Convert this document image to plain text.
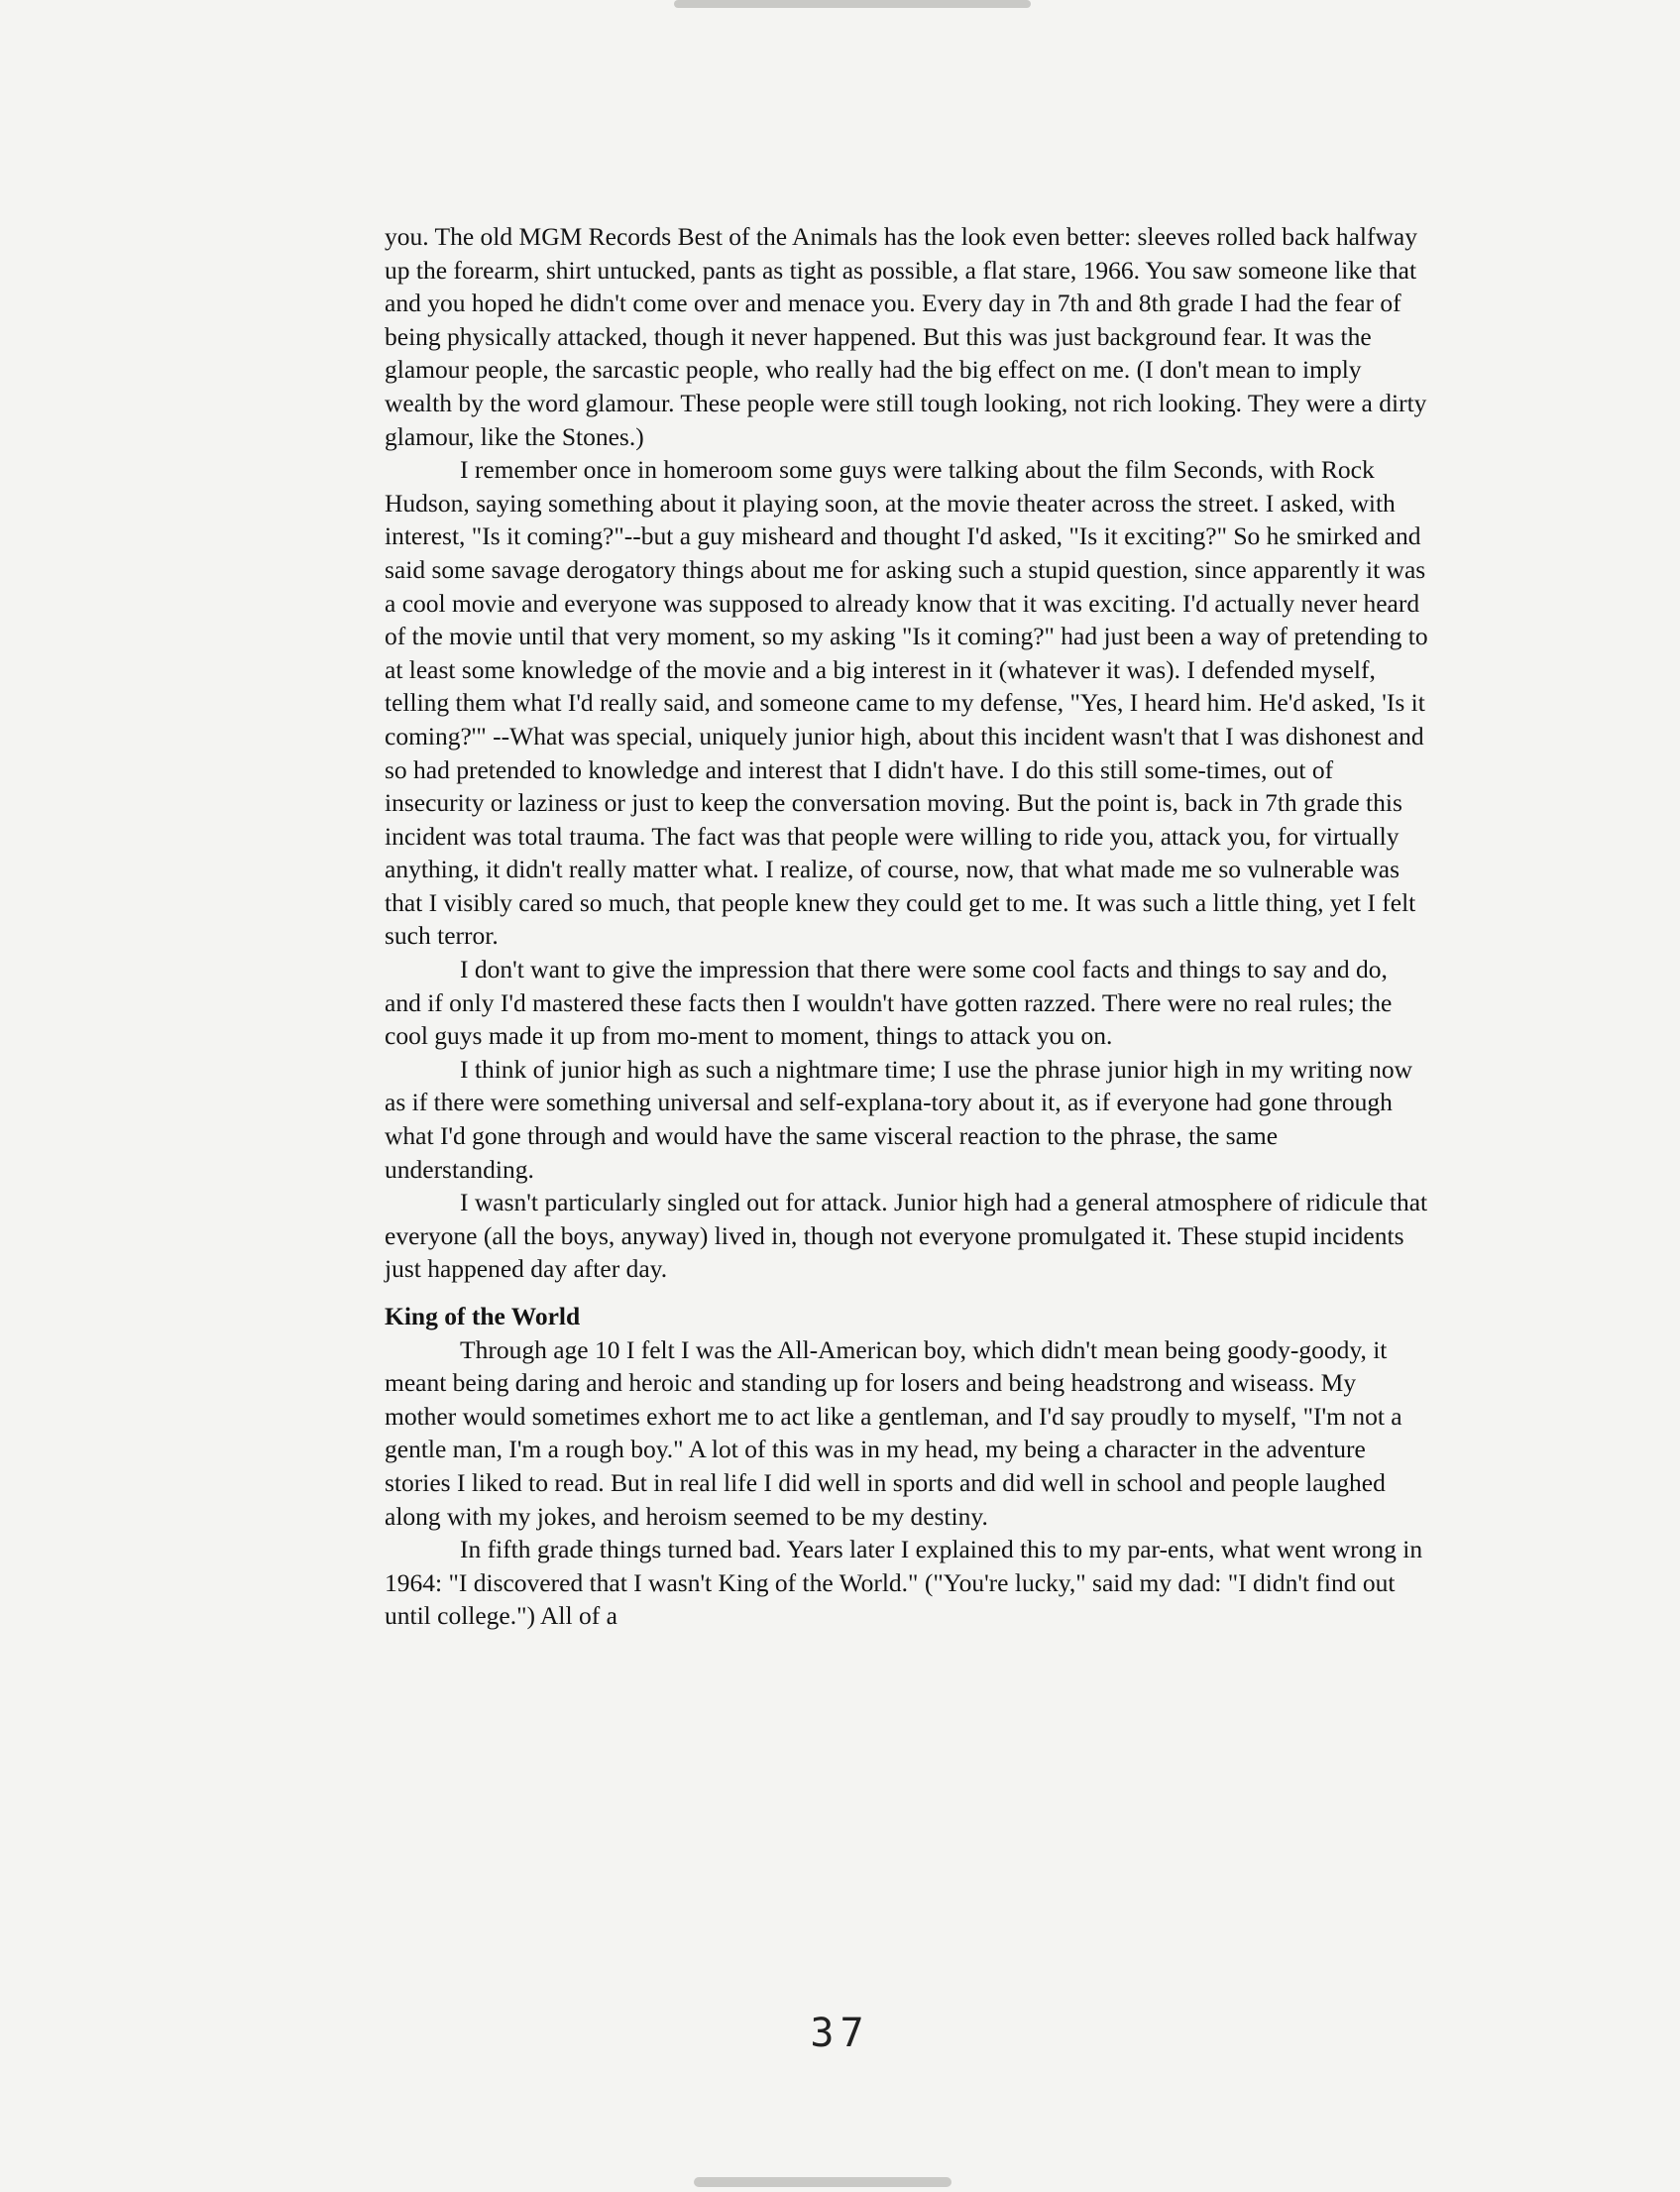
you. The old MGM Records Best of the Animals has the look even better: sleeves rolled back halfway up the forearm, shirt untucked, pants as tight as possible, a flat stare, 1966. You saw someone like that and you hoped he didn't come over and menace you. Every day in 7th and 8th grade I had the fear of being physically attacked, though it never happened. But this was just background fear. It was the glamour people, the sarcastic people, who really had the big effect on me. (I don't mean to imply wealth by the word glamour. These people were still tough looking, not rich looking. They were a dirty glamour, like the Stones.)

I remember once in homeroom some guys were talking about the film Seconds, with Rock Hudson, saying something about it playing soon, at the movie theater across the street. I asked, with interest, "Is it coming?"--but a guy misheard and thought I'd asked, "Is it exciting?" So he smirked and said some savage derogatory things about me for asking such a stupid question, since apparently it was a cool movie and everyone was supposed to already know that it was exciting. I'd actually never heard of the movie until that very moment, so my asking "Is it coming?" had just been a way of pretending to at least some knowledge of the movie and a big interest in it (whatever it was). I defended myself, telling them what I'd really said, and someone came to my defense, "Yes, I heard him. He'd asked, 'Is it coming?'" --What was special, uniquely junior high, about this incident wasn't that I was dishonest and so had pretended to knowledge and interest that I didn't have. I do this still some-times, out of insecurity or laziness or just to keep the conversation moving. But the point is, back in 7th grade this incident was total trauma. The fact was that people were willing to ride you, attack you, for virtually anything, it didn't really matter what. I realize, of course, now, that what made me so vulnerable was that I visibly cared so much, that people knew they could get to me. It was such a little thing, yet I felt such terror.

I don't want to give the impression that there were some cool facts and things to say and do, and if only I'd mastered these facts then I wouldn't have gotten razzed. There were no real rules; the cool guys made it up from mo-ment to moment, things to attack you on.

I think of junior high as such a nightmare time; I use the phrase junior high in my writing now as if there were something universal and self-explana-tory about it, as if everyone had gone through what I'd gone through and would have the same visceral reaction to the phrase, the same understanding.

I wasn't particularly singled out for attack. Junior high had a general atmosphere of ridicule that everyone (all the boys, anyway) lived in, though not everyone promulgated it. These stupid incidents just happened day after day.

King of the World

Through age 10 I felt I was the All-American boy, which didn't mean being goody-goody, it meant being daring and heroic and standing up for losers and being headstrong and wiseass. My mother would sometimes exhort me to act like a gentleman, and I'd say proudly to myself, "I'm not a gentle man, I'm a rough boy." A lot of this was in my head, my being a character in the adventure stories I liked to read. But in real life I did well in sports and did well in school and people laughed along with my jokes, and heroism seemed to be my destiny.

In fifth grade things turned bad. Years later I explained this to my par-ents, what went wrong in 1964: "I discovered that I wasn't King of the World." ("You're lucky," said my dad: "I didn't find out until college.") All of a

37
